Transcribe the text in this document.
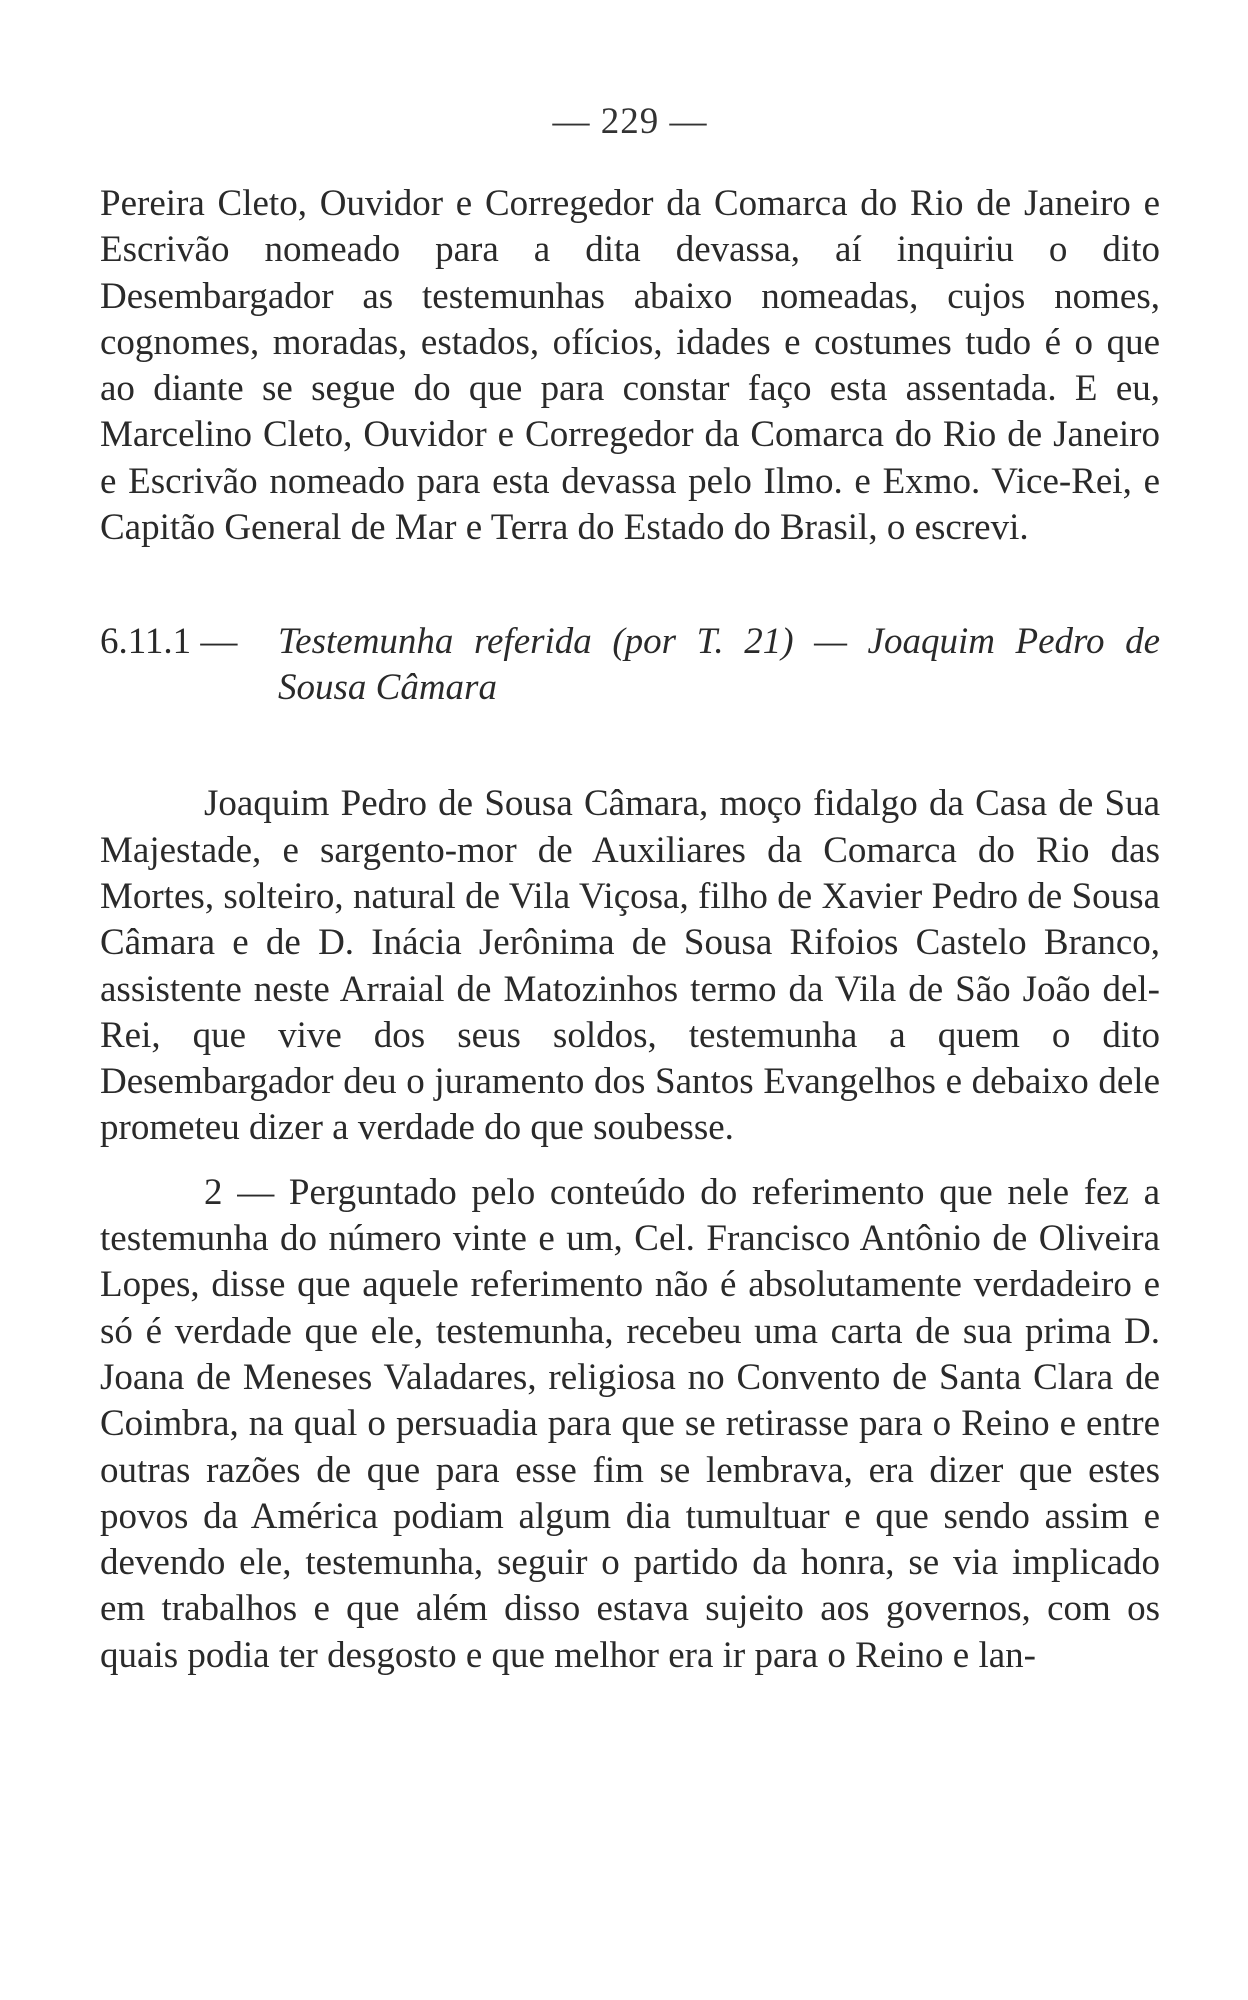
— 229 —

Pereira Cleto, Ouvidor e Corregedor da Comarca do Rio de Janeiro e Escrivão nomeado para a dita devassa, aí inquiriu o dito Desembargador as testemunhas abaixo nomeadas, cujos nomes, cognomes, moradas, estados, ofícios, idades e costumes tudo é o que ao diante se segue do que para constar faço esta assentada. E eu, Marcelino Cleto, Ouvidor e Corregedor da Comarca do Rio de Janeiro e Escrivão nomeado para esta devassa pelo Ilmo. e Exmo. Vice-Rei, e Capitão General de Mar e Terra do Estado do Brasil, o escrevi.

6.11.1 —	Testemunha referida (por T. 21) — Joaquim Pedro de Sousa Câmara

Joaquim Pedro de Sousa Câmara, moço fidalgo da Casa de Sua Majestade, e sargento-mor de Auxiliares da Comarca do Rio das Mortes, solteiro, natural de Vila Viçosa, filho de Xavier Pedro de Sousa Câmara e de D. Inácia Jerônima de Sousa Rifoios Castelo Branco, assistente neste Arraial de Matozinhos termo da Vila de São João del-Rei, que vive dos seus soldos, testemunha a quem o dito Desembargador deu o juramento dos Santos Evangelhos e debaixo dele prometeu dizer a verdade do que soubesse.

2 — Perguntado pelo conteúdo do referimento que nele fez a testemunha do número vinte e um, Cel. Francisco Antônio de Oliveira Lopes, disse que aquele referimento não é absolutamente verdadeiro e só é verdade que ele, testemunha, recebeu uma carta de sua prima D. Joana de Meneses Valadares, religiosa no Convento de Santa Clara de Coimbra, na qual o persuadia para que se retirasse para o Reino e entre outras razões de que para esse fim se lembrava, era dizer que estes povos da América podiam algum dia tumultuar e que sendo assim e devendo ele, testemunha, seguir o partido da honra, se via implicado em trabalhos e que além disso estava sujeito aos governos, com os quais podia ter desgosto e que melhor era ir para o Reino e lan-
